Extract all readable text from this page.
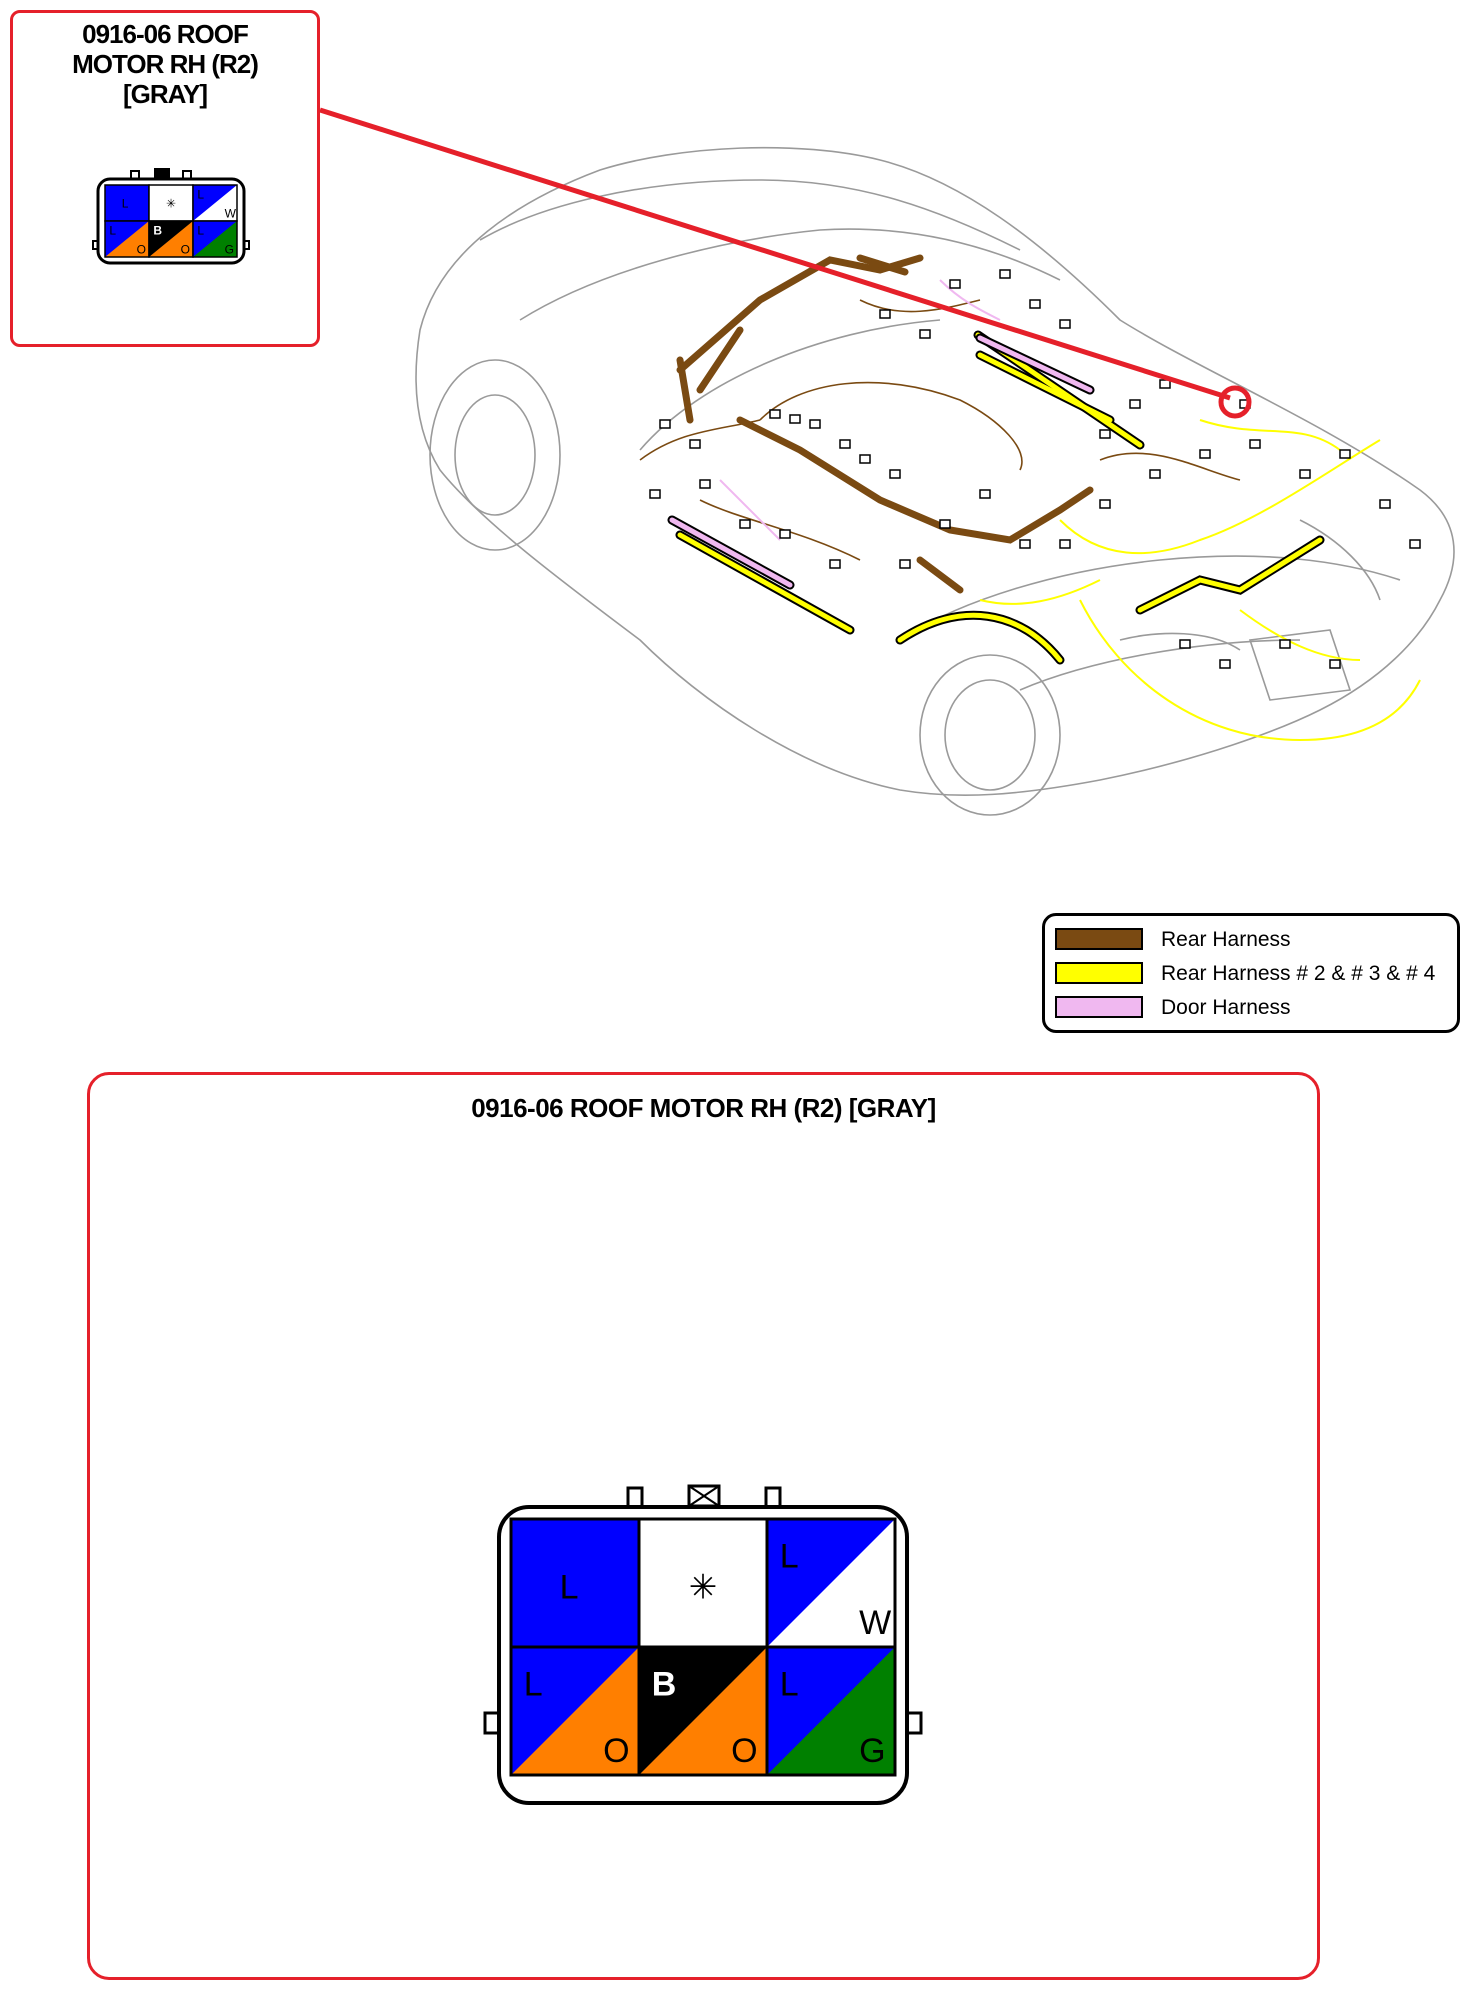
0916-06 ROOF
MOTOR RH (R2)
[GRAY]
L	✳
L
W
L
O
B
O
L
G
Rear Harness
Rear Harness # 2 & # 3 & # 4
Door Harness
0916-06 ROOF MOTOR RH (R2) [GRAY]
L	✳
L
W
L
O
B
O
L
G
